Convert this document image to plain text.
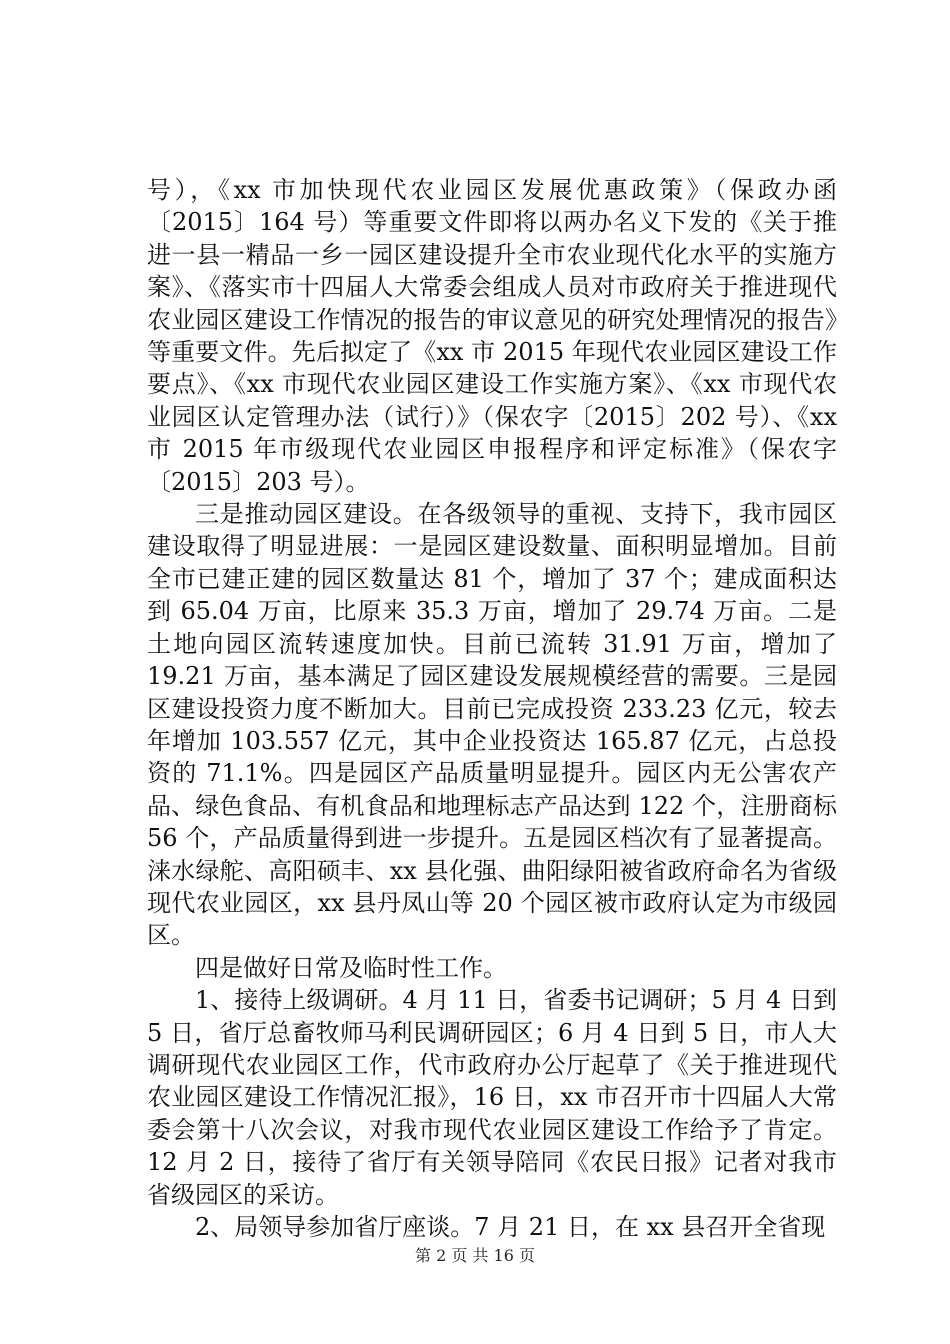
号），《xx 市加快现代农业园区发展优惠政策》（保政办函〔2015〕164 号）等重要文件即将以两办名义下发的《关于推进一县一精品一乡一园区建设提升全市农业现代化水平的实施方案》、《落实市十四届人大常委会组成人员对市政府关于推进现代农业园区建设工作情况的报告的审议意见的研究处理情况的报告》等重要文件。先后拟定了《xx 市 2015 年现代农业园区建设工作要点》、《xx 市现代农业园区建设工作实施方案》、《xx 市现代农业园区认定管理办法（试行）》（保农字〔2015〕202 号）、《xx 市 2015 年市级现代农业园区申报程序和评定标准》（保农字〔2015〕203 号）。

三是推动园区建设。在各级领导的重视、支持下，我市园区建设取得了明显进展：一是园区建设数量、面积明显增加。目前全市已建正建的园区数量达 81 个，增加了 37 个；建成面积达到 65.04 万亩，比原来 35.3 万亩，增加了 29.74 万亩。二是土地向园区流转速度加快。目前已流转 31.91 万亩，增加了 19.21 万亩，基本满足了园区建设发展规模经营的需要。三是园区建设投资力度不断加大。目前已完成投资 233.23 亿元，较去年增加 103.557 亿元，其中企业投资达 165.87 亿元，占总投资的 71.1%。四是园区产品质量明显提升。园区内无公害农产品、绿色食品、有机食品和地理标志产品达到 122 个，注册商标 56 个，产品质量得到进一步提升。五是园区档次有了显著提高。涞水绿舵、高阳硕丰、xx 县化强、曲阳绿阳被省政府命名为省级现代农业园区，xx 县丹凤山等 20 个园区被市政府认定为市级园区。

四是做好日常及临时性工作。

1、接待上级调研。4 月 11 日，省委书记调研；5 月 4 日到 5 日，省厅总畜牧师马利民调研园区；6 月 4 日到 5 日，市人大调研现代农业园区工作，代市政府办公厅起草了《关于推进现代农业园区建设工作情况汇报》，16 日，xx 市召开市十四届人大常委会第十八次会议，对我市现代农业园区建设工作给予了肯定。12 月 2 日，接待了省厅有关领导陪同《农民日报》记者对我市省级园区的采访。

2、局领导参加省厅座谈。7 月 21 日，在 xx 县召开全省现

第 2 页 共 16 页
